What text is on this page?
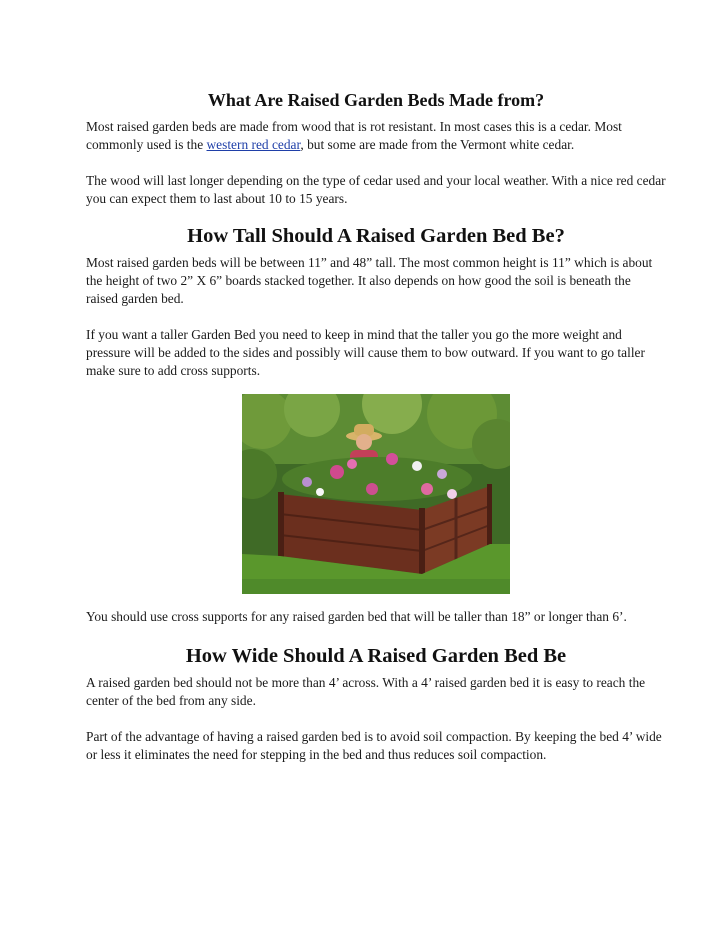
What Are Raised Garden Beds Made from?

Most raised garden beds are made from wood that is rot resistant. In most cases this is a cedar. Most commonly used is the western red cedar, but some are made from the Vermont white cedar.

The wood will last longer depending on the type of cedar used and your local weather. With a nice red cedar you can expect them to last about 10 to 15 years.

How Tall Should A Raised Garden Bed Be?

Most raised garden beds will be between 11” and 48” tall. The most common height is 11” which is about the height of two 2” X 6” boards stacked together. It also depends on how good the soil is beneath the raised garden bed.

If you want a taller Garden Bed you need to keep in mind that the taller you go the more weight and pressure will be added to the sides and possibly will cause them to bow outward. If you want to go taller make sure to add cross supports.

You should use cross supports for any raised garden bed that will be taller than 18” or longer than 6’.

How Wide Should A Raised Garden Bed Be

A raised garden bed should not be more than 4’ across. With a 4’ raised garden bed it is easy to reach the center of the bed from any side.

Part of the advantage of having a raised garden bed is to avoid soil compaction. By keeping the bed 4’ wide or less it eliminates the need for stepping in the bed and thus reduces soil compaction.
